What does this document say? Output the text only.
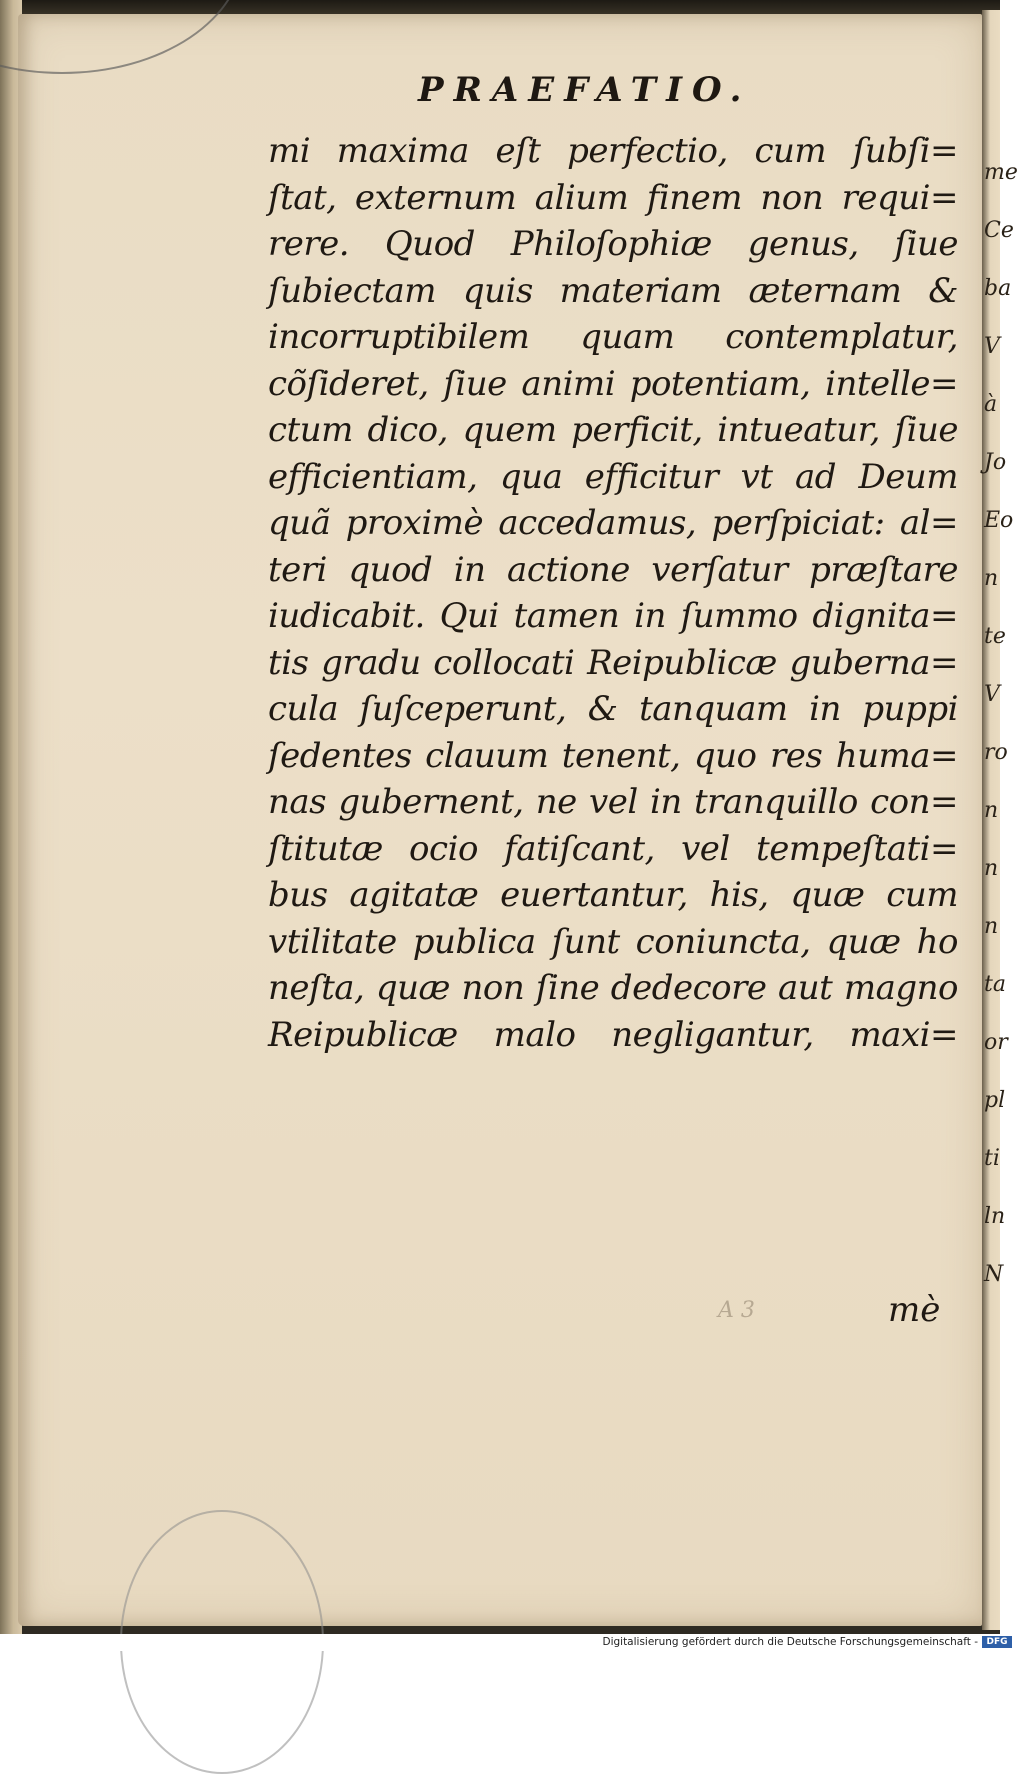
me
Ce
ba
V
à
Jo
Eo
n
te
V
ro
n
n
n
ta
or
pl
ti
ln
N
PRAEFATIO.
mi maxima eſt perfectio, cum ſubſi=
ſtat, externum alium finem non requi=
rere. Quod Philoſophiæ genus, ſiue
ſubiectam quis materiam æternam &
incorruptibilem quam contemplatur,
cõſideret, ſiue animi potentiam, intelle=
ctum dico, quem perficit, intueatur, ſiue
efficientiam, qua efficitur vt ad Deum
quã proximè accedamus, perſpiciat: al=
teri quod in actione verſatur præſtare
iudicabit. Qui tamen in ſummo dignita=
tis gradu collocati Reipublicæ guberna=
cula ſuſceperunt, & tanquam in puppi
ſedentes clauum tenent, quo res huma=
nas gubernent, ne vel in tranquillo con=
ſtitutæ ocio fatiſcant, vel tempeſtati=
bus agitatæ euertantur, his, quæ cum
vtilitate publica ſunt coniuncta, quæ ho
neſta, quæ non ſine dedecore aut magno
Reipublicæ malo negligantur, maxi=
A 3	mè
Digitalisierung gefördert durch die Deutsche Forschungsgemeinschaft - DFG
